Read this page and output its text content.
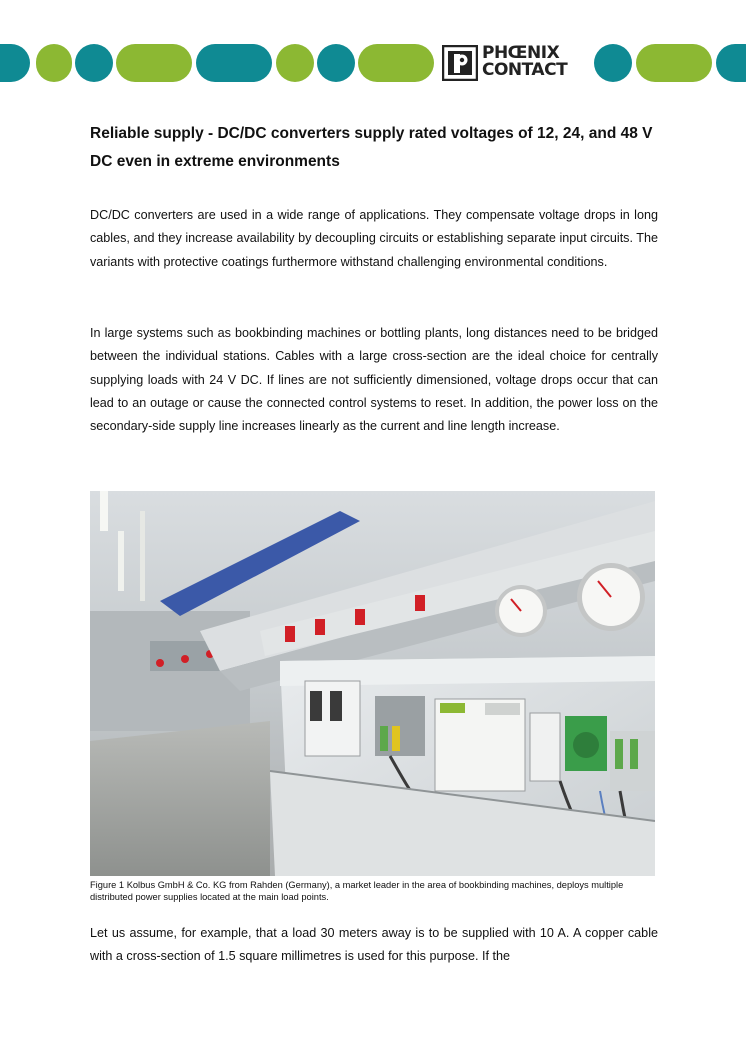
PHŒNIX
CONTACT
Reliable supply - DC/DC converters supply rated voltages of 12, 24, and 48 V DC even in extreme environments

DC/DC converters are used in a wide range of applications. They compensate voltage drops in long cables, and they increase availability by decoupling circuits or establishing separate input circuits. The variants with protective coatings furthermore withstand challenging environmental conditions.

In large systems such as bookbinding machines or bottling plants, long distances need to be bridged between the individual stations. Cables with a large cross-section are the ideal choice for centrally supplying loads with 24 V DC. If lines are not sufficiently dimensioned, voltage drops occur that can lead to an outage or cause the connected control systems to reset. In addition, the power loss on the secondary-side supply line increases linearly as the current and line length increase.

Figure 1 Kolbus GmbH & Co. KG from Rahden (Germany), a market leader in the area of bookbinding machines, deploys multiple distributed power supplies located at the main load points.

Let us assume, for example, that a load 30 meters away is to be supplied with 10 A. A copper cable with a cross-section of 1.5 square millimetres is used for this purpose. If the
